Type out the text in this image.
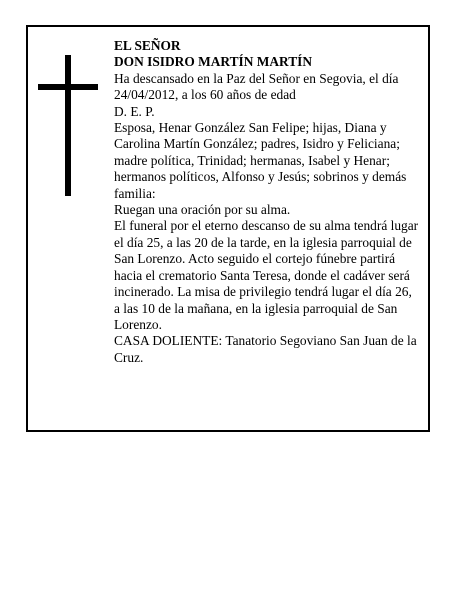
EL SEÑOR

DON ISIDRO MARTÍN MARTÍN

Ha descansado en la Paz del Señor en Segovia, el día 24/04/2012, a los 60 años de edad

D. E. P.

Esposa, Henar González San Felipe; hijas, Diana y Carolina Martín González; padres, Isidro y Feliciana; madre política, Trinidad; hermanas, Isabel y Henar; hermanos políticos, Alfonso y Jesús; sobrinos y demás familia:

Ruegan una oración por su alma.

El funeral por el eterno descanso de su alma tendrá lugar el día 25, a las 20 de la tarde, en la iglesia parroquial de San Lorenzo. Acto seguido el cortejo fúnebre partirá hacia el crematorio Santa Teresa, donde el cadáver será incinerado. La misa de privilegio tendrá lugar el día 26, a las 10 de la mañana, en la iglesia parroquial de San Lorenzo.

CASA DOLIENTE: Tanatorio Segoviano San Juan de la Cruz.
